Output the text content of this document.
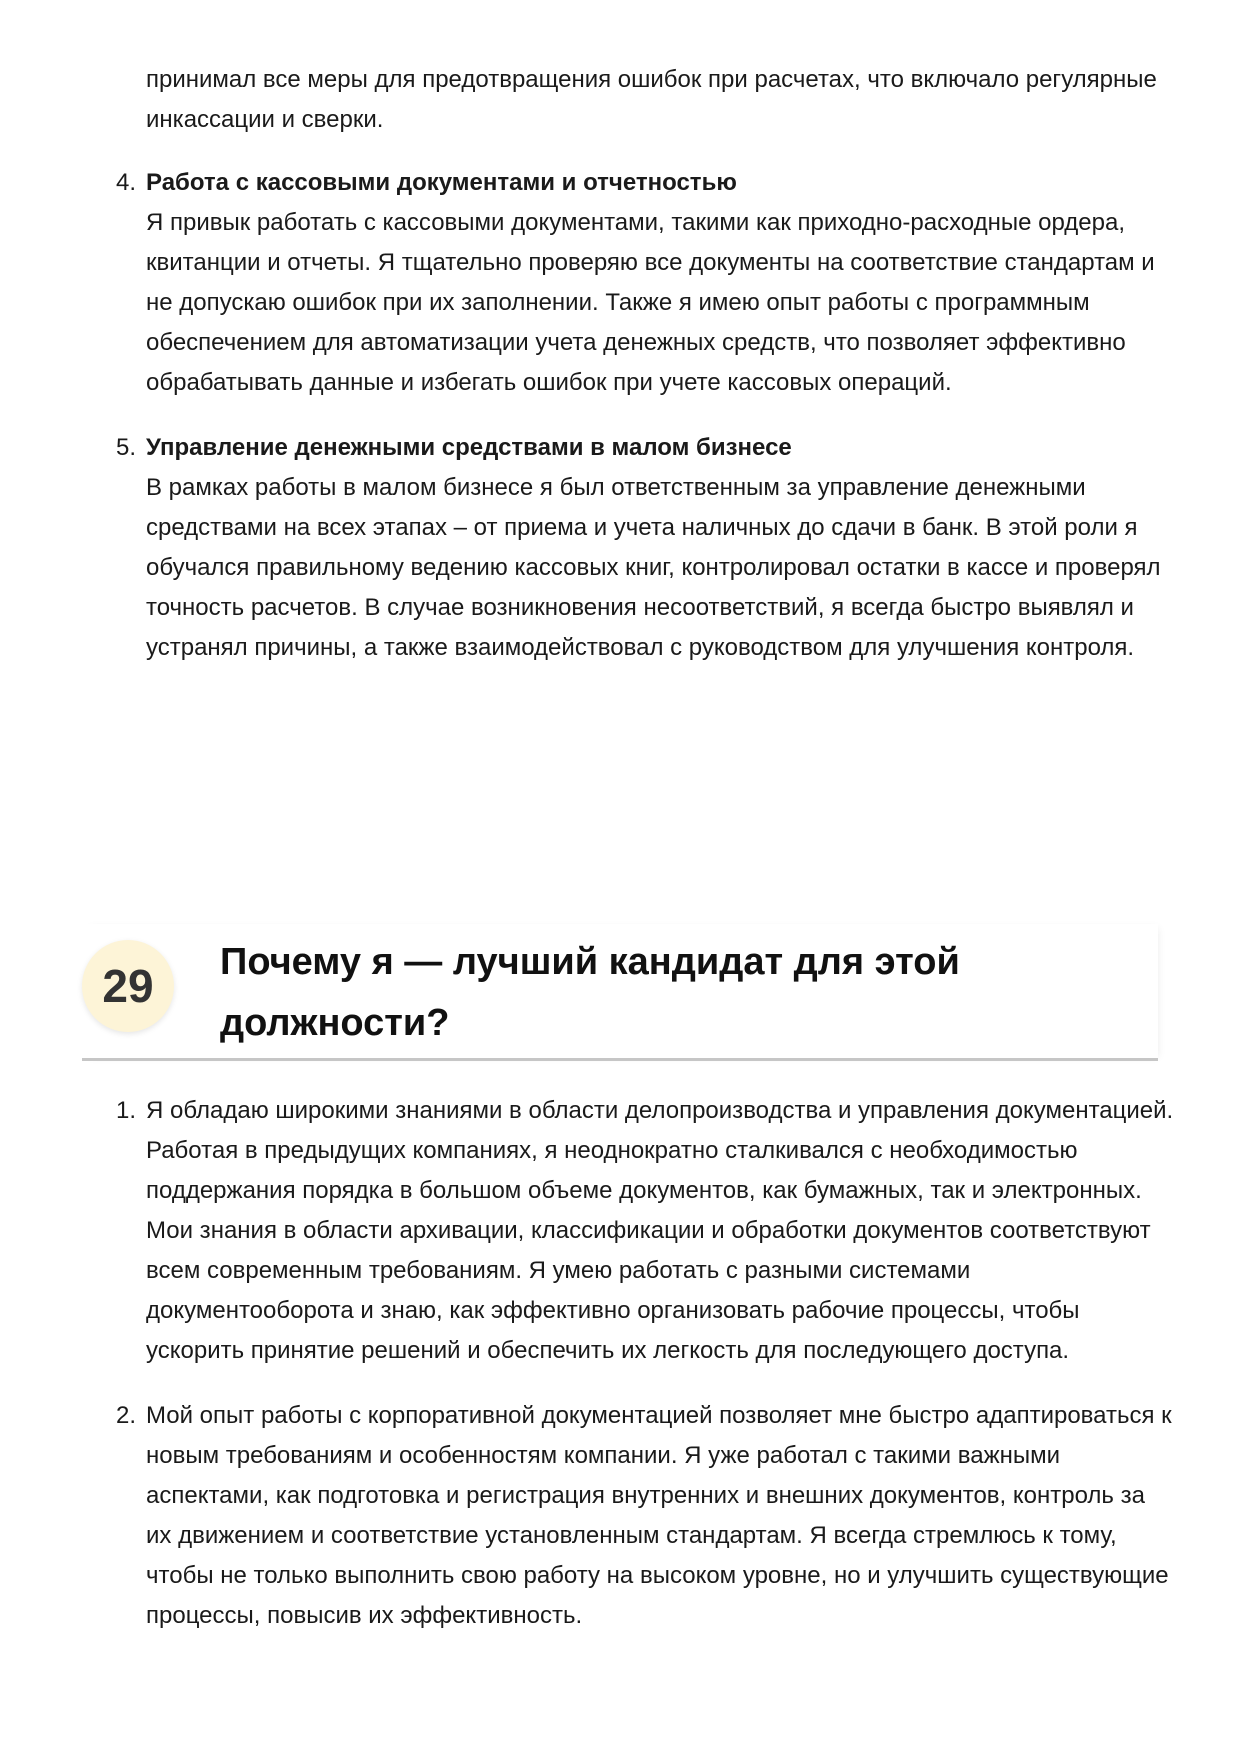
принимал все меры для предотвращения ошибок при расчетах, что включало регулярные инкассации и сверки.
4. Работа с кассовыми документами и отчетностью
Я привык работать с кассовыми документами, такими как приходно-расходные ордера, квитанции и отчеты. Я тщательно проверяю все документы на соответствие стандартам и не допускаю ошибок при их заполнении. Также я имею опыт работы с программным обеспечением для автоматизации учета денежных средств, что позволяет эффективно обрабатывать данные и избегать ошибок при учете кассовых операций.
5. Управление денежными средствами в малом бизнесе
В рамках работы в малом бизнесе я был ответственным за управление денежными средствами на всех этапах – от приема и учета наличных до сдачи в банк. В этой роли я обучался правильному ведению кассовых книг, контролировал остатки в кассе и проверял точность расчетов. В случае возникновения несоответствий, я всегда быстро выявлял и устранял причины, а также взаимодействовал с руководством для улучшения контроля.
29	Почему я — лучший кандидат для этой должности?
1. Я обладаю широкими знаниями в области делопроизводства и управления документацией. Работая в предыдущих компаниях, я неоднократно сталкивался с необходимостью поддержания порядка в большом объеме документов, как бумажных, так и электронных. Мои знания в области архивации, классификации и обработки документов соответствуют всем современным требованиям. Я умею работать с разными системами документооборота и знаю, как эффективно организовать рабочие процессы, чтобы ускорить принятие решений и обеспечить их легкость для последующего доступа.
2. Мой опыт работы с корпоративной документацией позволяет мне быстро адаптироваться к новым требованиям и особенностям компании. Я уже работал с такими важными аспектами, как подготовка и регистрация внутренних и внешних документов, контроль за их движением и соответствие установленным стандартам. Я всегда стремлюсь к тому, чтобы не только выполнить свою работу на высоком уровне, но и улучшить существующие процессы, повысив их эффективность.
